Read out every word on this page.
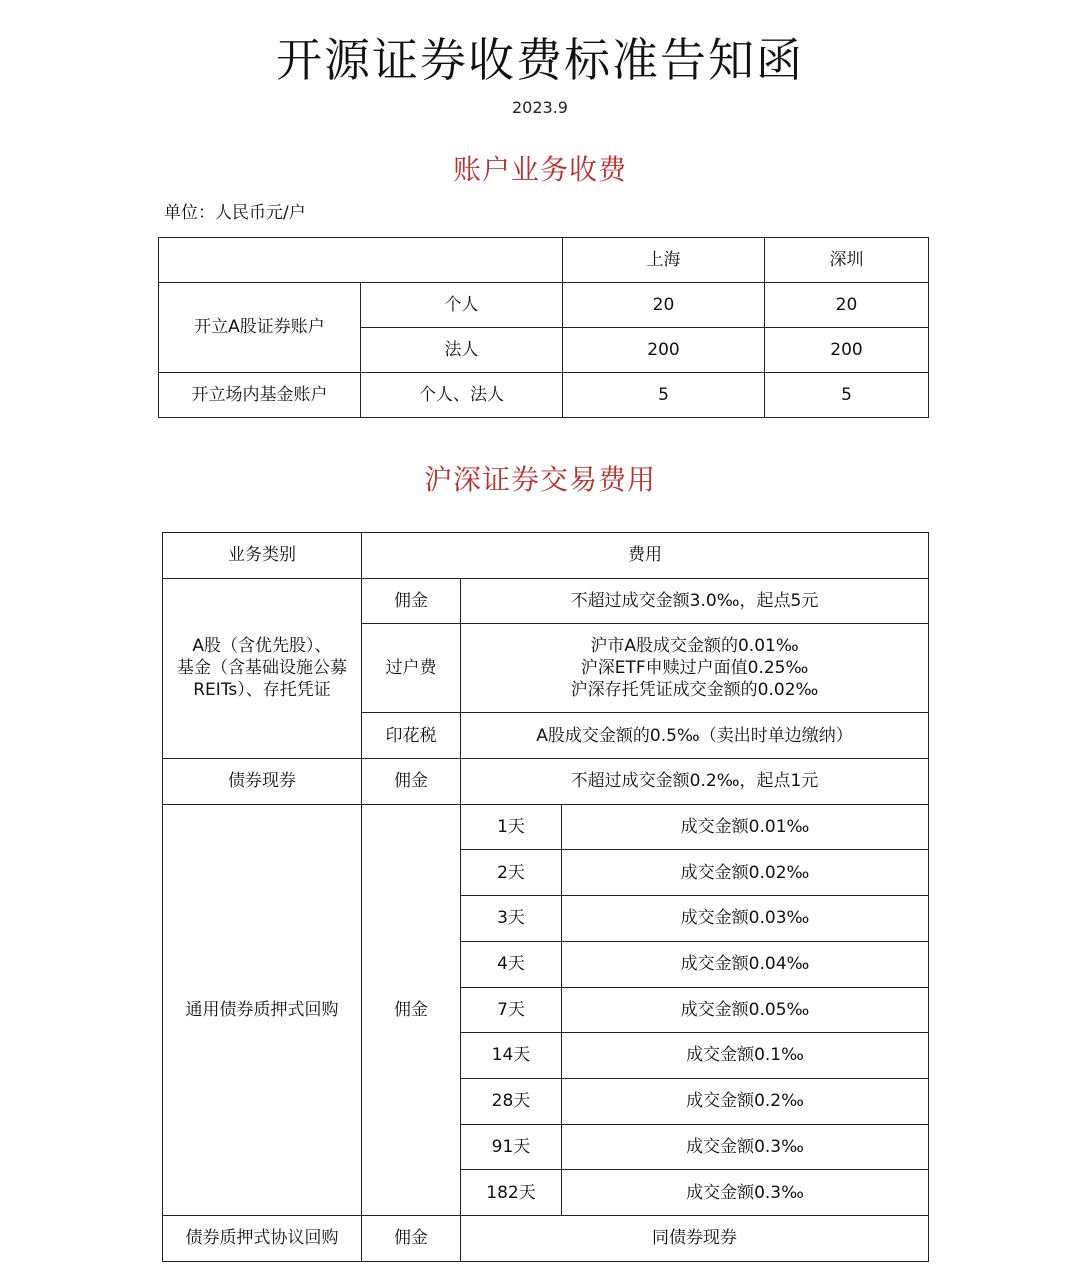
开源证券收费标准告知函
2023.9
账户业务收费
单位：人民币元/户
		上海	深圳
开立A股证券账户	个人	20	20
	法人	200	200
开立场内基金账户	个人、法人	5	5
沪深证券交易费用
业务类别	费用		

A股（含优先股）、
基金（含基础设施公募
REITs）、存托凭证	佣金	不超过成交金额3.0‰，起点5元	
	过户费	沪市A股成交金额的0.01‰
沪深ETF申赎过户面值0.25‰
沪深存托凭证成交金额的0.02‰	

	印花税	A股成交金额的0.5‰（卖出时单边缴纳）	
债券现券	佣金	不超过成交金额0.2‰，起点1元	
通用债券质押式回购	佣金	1天	成交金额0.01‰
		2天	成交金额0.02‰
		3天	成交金额0.03‰
		4天	成交金额0.04‰
		7天	成交金额0.05‰
		14天	成交金额0.1‰
		28天	成交金额0.2‰
		91天	成交金额0.3‰
		182天	成交金额0.3‰
债券质押式协议回购	佣金	同债券现券	
